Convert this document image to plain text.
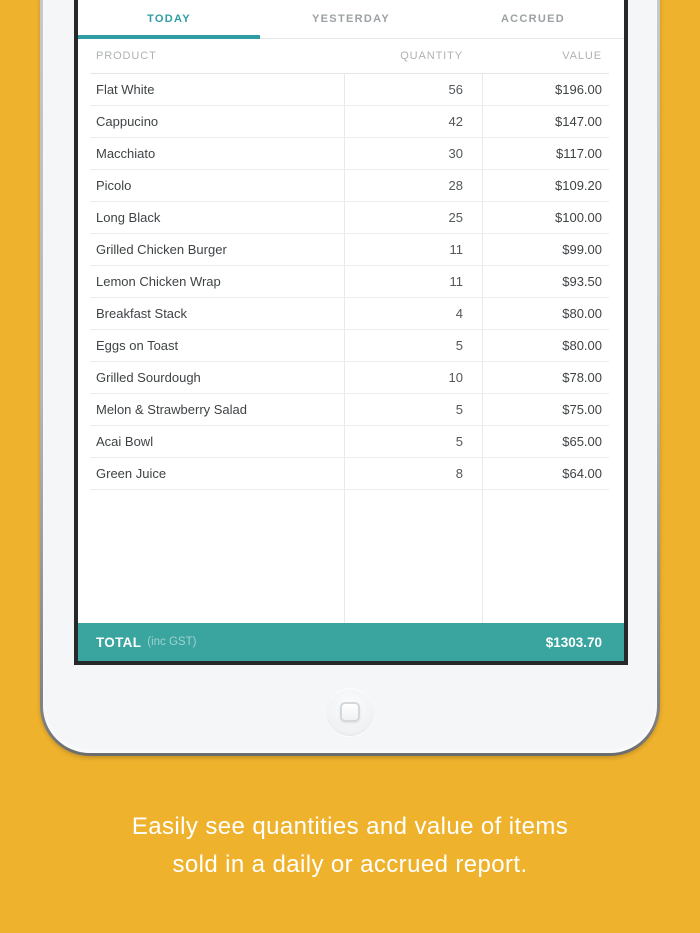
TODAY	YESTERDAY	ACCRUED
PRODUCT	QUANTITY	VALUE
Flat White	56	$196.00
Cappucino	42	$147.00
Macchiato	30	$117.00
Picolo	28	$109.20
Long Black	25	$100.00
Grilled Chicken Burger	11	$99.00
Lemon Chicken Wrap	11	$93.50
Breakfast Stack	4	$80.00
Eggs on Toast	5	$80.00
Grilled Sourdough	10	$78.00
Melon & Strawberry Salad	5	$75.00
Acai Bowl	5	$65.00
Green Juice	8	$64.00
TOTAL (inc GST)	$1303.70
Easily see quantities and value of items
sold in a daily or accrued report.
